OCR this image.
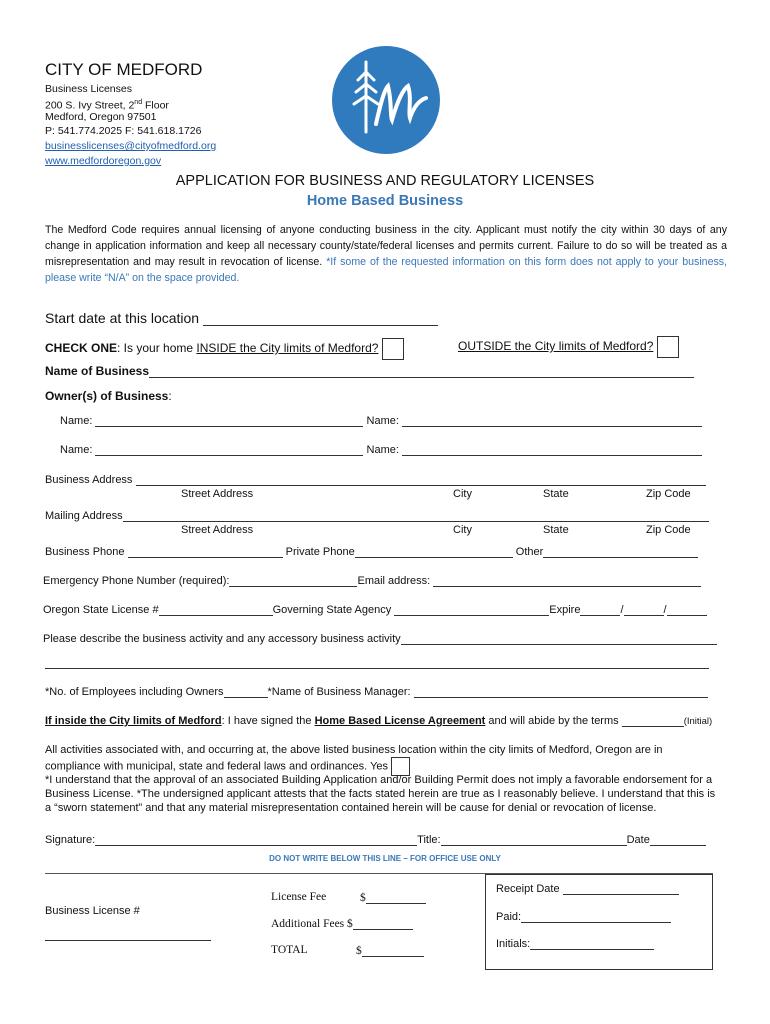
CITY OF MEDFORD
Business Licenses
200 S. Ivy Street, 2nd Floor
Medford, Oregon 97501
P: 541.774.2025 F: 541.618.1726
businesslicenses@cityofmedford.org
www.medfordoregon.gov
APPLICATION FOR BUSINESS AND REGULATORY LICENSES
Home Based Business
The Medford Code requires annual licensing of anyone conducting business in the city. Applicant must notify the city within 30 days of any change in application information and keep all necessary county/state/federal licenses and permits current. Failure to do so will be treated as a misrepresentation and may result in revocation of license. *If some of the requested information on this form does not apply to your business, please write “N/A” on the space provided.
Start date at this location
CHECK ONE: Is your home INSIDE the City limits of Medford?	OUTSIDE the City limits of Medford?
Name of Business
Owner(s) of Business:
Name:	Name:
Name:	Name:
Business Address
Street Address	City	State	Zip Code
Mailing Address
Street Address	City	State	Zip Code
Business Phone	Private Phone	Other
Emergency Phone Number (required):	Email address:
Oregon State License #	Governing State Agency	Expire	/	/
Please describe the business activity and any accessory business activity
*No. of Employees including Owners	*Name of Business Manager:
If inside the City limits of Medford: I have signed the Home Based License Agreement and will abide by the terms	(Initial)
All activities associated with, and occurring at, the above listed business location within the city limits of Medford, Oregon are in compliance with municipal, state and federal laws and ordinances. Yes
*I understand that the approval of an associated Building Application and/or Building Permit does not imply a favorable endorsement for a Business License. *The undersigned applicant attests that the facts stated herein are true as I reasonably believe. I understand that this is a “sworn statement” and that any material misrepresentation contained herein will be cause for denial or revocation of license.
Signature:	Title:	Date
DO NOT WRITE BELOW THIS LINE – FOR OFFICE USE ONLY
Business License #
License Fee	$
Additional Fees $
TOTAL	$
Receipt Date
Paid:
Initials:
